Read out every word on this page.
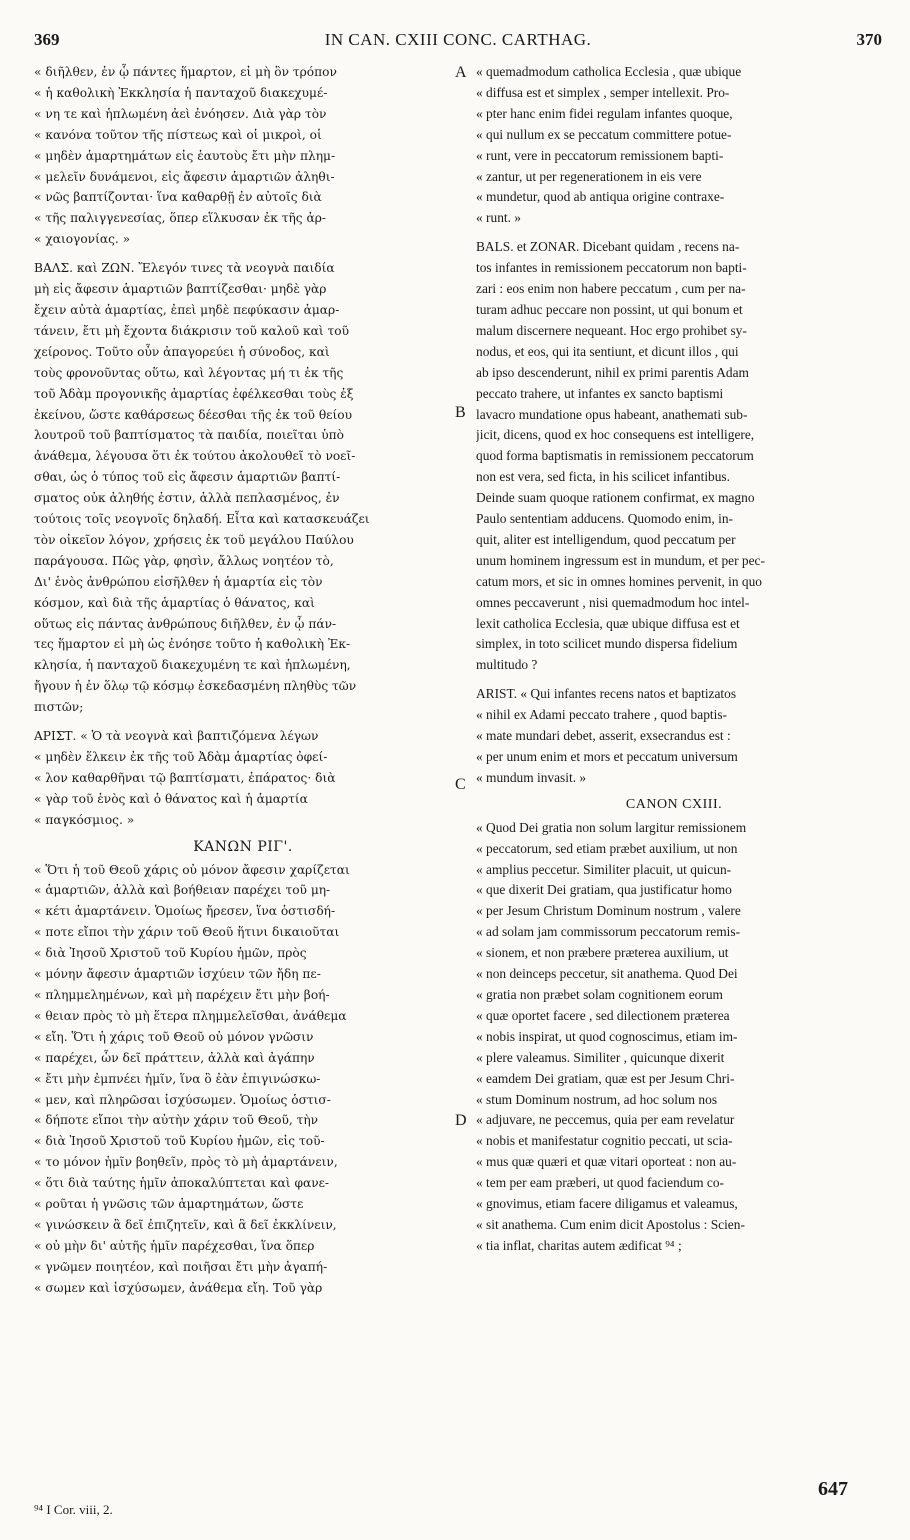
369	IN CAN. CXIII CONC. CARTHAG.	370
« διῆλθεν, ἐν ᾧ πάντες ἥμαρτον, εἰ μὴ ὃν τρόπον
« ἡ καθολικὴ Ἐκκλησία ἡ πανταχοῦ διακεχυμέ-
« νη τε καὶ ἡπλωμένη ἀεὶ ἐνόησεν. Διὰ γὰρ τὸν
« κανόνα τοῦτον τῆς πίστεως καὶ οἱ μικροὶ, οἱ
« μηδὲν ἁμαρτημάτων εἰς ἑαυτοὺς ἔτι μὴν πλημ-
« μελεῖν δυνάμενοι, εἰς ἄφεσιν ἁμαρτιῶν ἀληθι-
« νῶς βαπτίζονται· ἵνα καθαρθῇ ἐν αὐτοῖς διὰ
« τῆς παλιγγενεσίας, ὅπερ εἵλκυσαν ἐκ τῆς ἀρ-
« χαιογονίας. »
ΒΑΛΣ. καὶ ΖΩΝ. Ἔλεγόν τινες τὰ νεογνὰ παιδία
μὴ εἰς ἄφεσιν ἁμαρτιῶν βαπτίζεσθαι· μηδὲ γὰρ
ἔχειν αὐτὰ ἁμαρτίας, ἐπεὶ μηδὲ πεφύκασιν ἁμαρ-
τάνειν, ἔτι μὴ ἔχοντα διάκρισιν τοῦ καλοῦ καὶ τοῦ
χείρονος. Τοῦτο οὖν ἀπαγορεύει ἡ σύνοδος, καὶ
τοὺς φρονοῦντας οὕτω, καὶ λέγοντας μή τι ἐκ τῆς
τοῦ Ἀδὰμ προγονικῆς ἁμαρτίας ἐφέλκεσθαι τοὺς ἐξ
ἐκείνου, ὥστε καθάρσεως δέεσθαι τῆς ἐκ τοῦ θείου
λουτροῦ τοῦ βαπτίσματος τὰ παιδία, ποιεῖται ὑπὸ
ἀνάθεμα, λέγουσα ὅτι ἐκ τούτου ἀκολουθεῖ τὸ νοεῖ-
σθαι, ὡς ὁ τύπος τοῦ εἰς ἄφεσιν ἁμαρτιῶν βαπτί-
σματος οὐκ ἀληθής ἐστιν, ἀλλὰ πεπλασμένος, ἐν
τούτοις τοῖς νεογνοῖς δηλαδή. Εἶτα καὶ κατασκευάζει
τὸν οἰκεῖον λόγον, χρήσεις ἐκ τοῦ μεγάλου Παύλου
παράγουσα. Πῶς γὰρ, φησὶν, ἄλλως νοητέον τὸ,
Δι' ἑνὸς ἀνθρώπου εἰσῆλθεν ἡ ἁμαρτία εἰς τὸν
κόσμον, καὶ διὰ τῆς ἁμαρτίας ὁ θάνατος, καὶ
οὕτως εἰς πάντας ἀνθρώπους διῆλθεν, ἐν ᾧ πάν-
τες ἥμαρτον εἰ μὴ ὡς ἐνόησε τοῦτο ἡ καθολικὴ Ἐκ-
κλησία, ἡ πανταχοῦ διακεχυμένη τε καὶ ἡπλωμένη,
ἤγουν ἡ ἐν ὅλῳ τῷ κόσμῳ ἐσκεδασμένη πληθὺς τῶν
πιστῶν;
ΑΡΙΣΤ. « Ὁ τὰ νεογνὰ καὶ βαπτιζόμενα λέγων
« μηδὲν ἕλκειν ἐκ τῆς τοῦ Ἀδὰμ ἁμαρτίας ὀφεί-
« λον καθαρθῆναι τῷ βαπτίσματι, ἐπάρατος· διὰ
« γὰρ τοῦ ἑνὸς καὶ ὁ θάνατος καὶ ἡ ἁμαρτία
« παγκόσμιος. »
ΚΑΝΩΝ ΡΙΓ'.
« Ὅτι ἡ τοῦ Θεοῦ χάρις οὐ μόνον ἄφεσιν χαρίζεται
« ἁμαρτιῶν, ἀλλὰ καὶ βοήθειαν παρέχει τοῦ μη-
« κέτι ἁμαρτάνειν. Ὁμοίως ἤρεσεν, ἵνα ὁστισδή-
« ποτε εἴποι τὴν χάριν τοῦ Θεοῦ ἥτινι δικαιοῦται
« διὰ Ἰησοῦ Χριστοῦ τοῦ Κυρίου ἡμῶν, πρὸς
« μόνην ἄφεσιν ἁμαρτιῶν ἰσχύειν τῶν ἤδη πε-
« πλημμελημένων, καὶ μὴ παρέχειν ἔτι μὴν βοή-
« θειαν πρὸς τὸ μὴ ἕτερα πλημμελεῖσθαι, ἀνάθεμα
« εἴη. Ὅτι ἡ χάρις τοῦ Θεοῦ οὐ μόνον γνῶσιν
« παρέχει, ὧν δεῖ πράττειν, ἀλλὰ καὶ ἀγάπην
« ἔτι μὴν ἐμπνέει ἡμῖν, ἵνα ὃ ἐὰν ἐπιγινώσκω-
« μεν, καὶ πληρῶσαι ἰσχύσωμεν. Ὁμοίως ὁστισ-
« δήποτε εἴποι τὴν αὐτὴν χάριν τοῦ Θεοῦ, τὴν
« διὰ Ἰησοῦ Χριστοῦ τοῦ Κυρίου ἡμῶν, εἰς τοῦ-
« το μόνον ἡμῖν βοηθεῖν, πρὸς τὸ μὴ ἁμαρτάνειν,
« ὅτι διὰ ταύτης ἡμῖν ἀποκαλύπτεται καὶ φανε-
« ροῦται ἡ γνῶσις τῶν ἁμαρτημάτων, ὥστε
« γινώσκειν ἃ δεῖ ἐπιζητεῖν, καὶ ἃ δεῖ ἐκκλίνειν,
« οὐ μὴν δι' αὐτῆς ἡμῖν παρέχεσθαι, ἵνα ὅπερ
« γνῶμεν ποιητέον, καὶ ποιῆσαι ἔτι μὴν ἀγαπή-
« σωμεν καὶ ἰσχύσωμεν, ἀνάθεμα εἴη. Τοῦ γὰρ
« quemadmodum catholica Ecclesia , quæ ubique
« diffusa est et simplex , semper intellexit. Pro-
« pter hanc enim fidei regulam infantes quoque,
« qui nullum ex se peccatum committere potue-
« runt, vere in peccatorum remissionem bapti-
« zantur, ut per regenerationem in eis vere
« mundetur, quod ab antiqua origine contraxe-
« runt. »
BALS. et ZONAR. Dicebant quidam , recens na-
tos infantes in remissionem peccatorum non bapti-
zari : eos enim non habere peccatum , cum per na-
turam adhuc peccare non possint, ut qui bonum et
malum discernere nequeant. Hoc ergo prohibet sy-
nodus, et eos, qui ita sentiunt, et dicunt illos , qui
ab ipso descenderunt, nihil ex primi parentis Adam
peccato trahere, ut infantes ex sancto baptismi
lavacro mundatione opus habeant, anathemati sub-
jicit, dicens, quod ex hoc consequens est intelligere,
quod forma baptismatis in remissionem peccatorum
non est vera, sed ficta, in his scilicet infantibus.
Deinde suam quoque rationem confirmat, ex magno
Paulo sententiam adducens. Quomodo enim, in-
quit, aliter est intelligendum, quod peccatum per
unum hominem ingressum est in mundum, et per pec-
catum mors, et sic in omnes homines pervenit, in quo
omnes peccaverunt , nisi quemadmodum hoc intel-
lexit catholica Ecclesia, quæ ubique diffusa est et
simplex, in toto scilicet mundo dispersa fidelium
multitudo ?
ARIST. « Qui infantes recens natos et baptizatos
« nihil ex Adami peccato trahere , quod baptis-
« mate mundari debet, asserit, exsecrandus est :
« per unum enim et mors et peccatum universum
« mundum invasit. »
CANON CXIII.
« Quod Dei gratia non solum largitur remissionem
« peccatorum, sed etiam præbet auxilium, ut non
« amplius peccetur. Similiter placuit, ut quicun-
« que dixerit Dei gratiam, qua justificatur homo
« per Jesum Christum Dominum nostrum , valere
« ad solam jam commissorum peccatorum remis-
« sionem, et non præbere præterea auxilium, ut
« non deinceps peccetur, sit anathema. Quod Dei
« gratia non præbet solam cognitionem eorum
« quæ oportet facere , sed dilectionem præterea
« nobis inspirat, ut quod cognoscimus, etiam im-
« plere valeamus. Similiter , quicunque dixerit
« eamdem Dei gratiam, quæ est per Jesum Chri-
« stum Dominum nostrum, ad hoc solum nos
« adjuvare, ne peccemus, quia per eam revelatur
« nobis et manifestatur cognitio peccati, ut scia-
« mus quæ quæri et quæ vitari oporteat : non au-
« tem per eam præberi, ut quod faciendum co-
« gnovimus, etiam facere diligamus et valeamus,
« sit anathema. Cum enim dicit Apostolus : Scien-
« tia inflat, charitas autem ædificat ⁹⁴ ;
A
B
C
D
⁹⁴ I Cor. viii, 2.
647
